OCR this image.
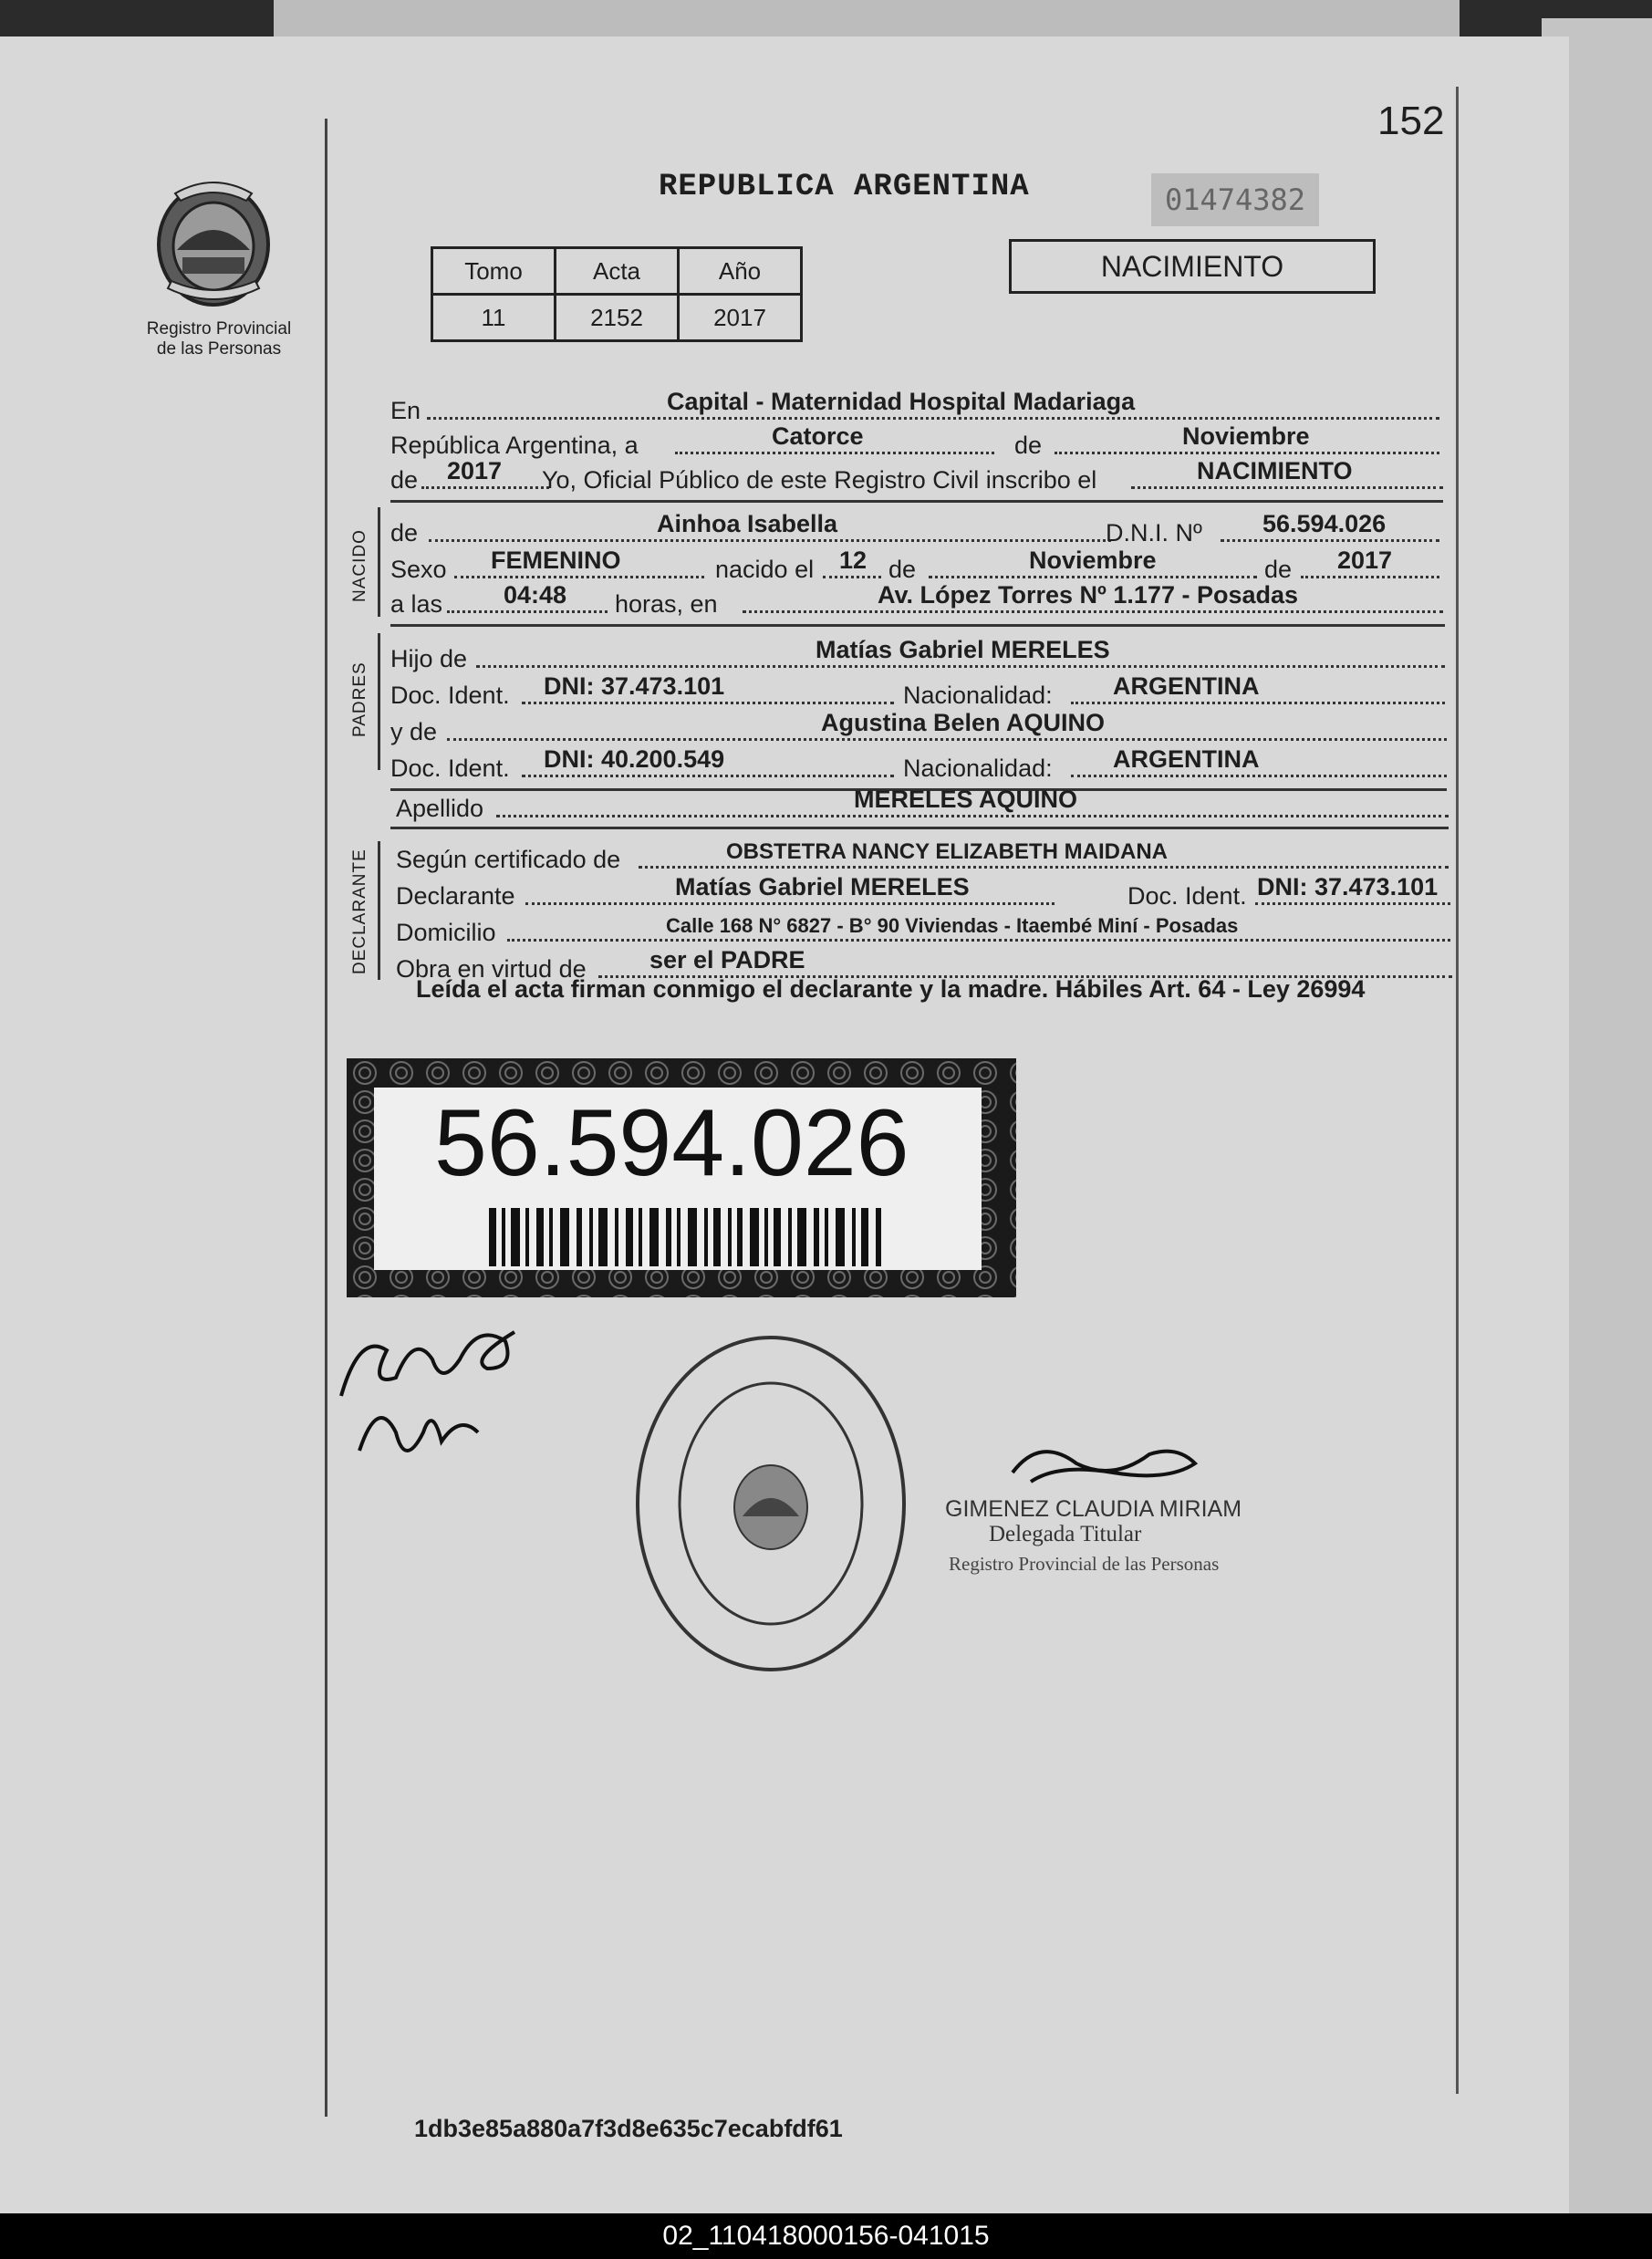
152
Registro Provincial
de las Personas
REPUBLICA ARGENTINA	01474382
NACIMIENTO
Tomo	Acta	Año
11	2152	2017
En	Capital - Maternidad Hospital Madariaga
República Argentina, a	Catorce	de	Noviembre
de 2017 Yo, Oficial Público de este Registro Civil inscribo el	NACIMIENTO
NACIDO de	Ainhoa Isabella	D.N.I. Nº 56.594.026
Sexo FEMENINO	nacido el 12 de	Noviembre	de 2017
a las 04:48 horas, en	Av. López Torres Nº 1.177 - Posadas
PADRES
Hijo de	Matías Gabriel MERELES
Doc. Ident. DNI: 37.473.101	Nacionalidad: ARGENTINA
y de	Agustina Belen AQUINO
Doc. Ident. DNI: 40.200.549	Nacionalidad: ARGENTINA
Apellido	MERELES AQUINO
DECLARANTE Según certificado de	OBSTETRA NANCY ELIZABETH MAIDANA
Declarante	Matías Gabriel MERELES	Doc. Ident. DNI: 37.473.101
Domicilio	Calle 168 N° 6827 - B° 90 Viviendas - Itaembé Miní - Posadas
Obra en virtud de	ser el PADRE
Leída el acta firman conmigo el declarante y la madre. Hábiles Art. 64 - Ley 26994
56.594.026
GIMENEZ CLAUDIA MIRIAM
Delegada Titular
Registro Provincial de las Personas
1db3e85a880a7f3d8e635c7ecabfdf61
02_110418000156-041015
